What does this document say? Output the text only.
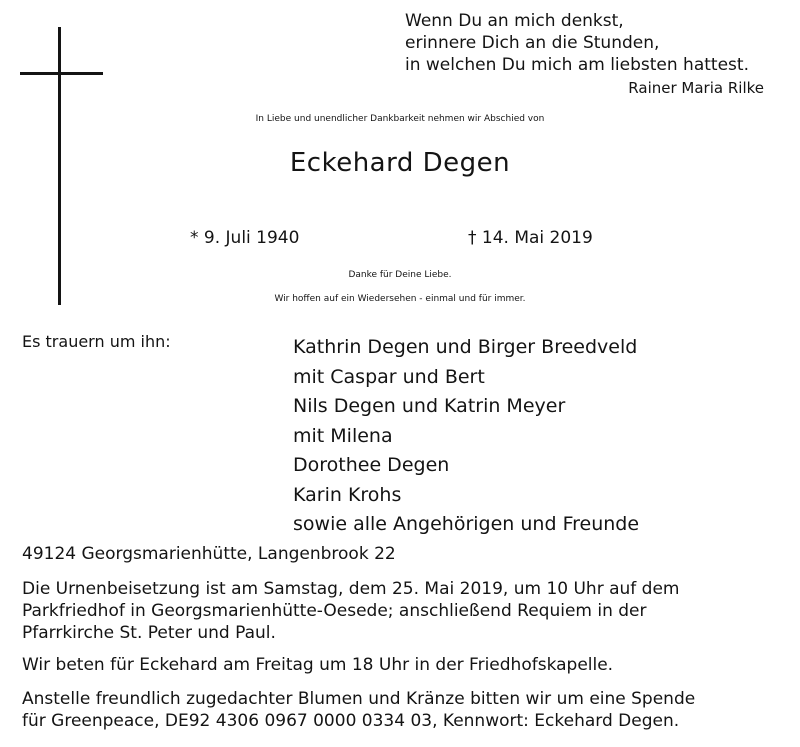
Wenn Du an mich denkst,
erinnere Dich an die Stunden,
in welchen Du mich am liebsten hattest.
Rainer Maria Rilke
In Liebe und unendlicher Dankbarkeit nehmen wir Abschied von
Eckehard Degen
* 9. Juli 1940	† 14. Mai 2019
Danke für Deine Liebe.
Wir hoffen auf ein Wiedersehen - einmal und für immer.
Es trauern um ihn:	Kathrin Degen und Birger Breedveld
mit Caspar und Bert
Nils Degen und Katrin Meyer
mit Milena
Dorothee Degen
Karin Krohs
sowie alle Angehörigen und Freunde
49124 Georgsmarienhütte, Langenbrook 22
Die Urnenbeisetzung ist am Samstag, dem 25. Mai 2019, um 10 Uhr auf dem
Parkfriedhof in Georgsmarienhütte-Oesede; anschließend Requiem in der
Pfarrkirche St. Peter und Paul.
Wir beten für Eckehard am Freitag um 18 Uhr in der Friedhofskapelle.
Anstelle freundlich zugedachter Blumen und Kränze bitten wir um eine Spende
für Greenpeace, DE92 4306 0967 0000 0334 03, Kennwort: Eckehard Degen.
